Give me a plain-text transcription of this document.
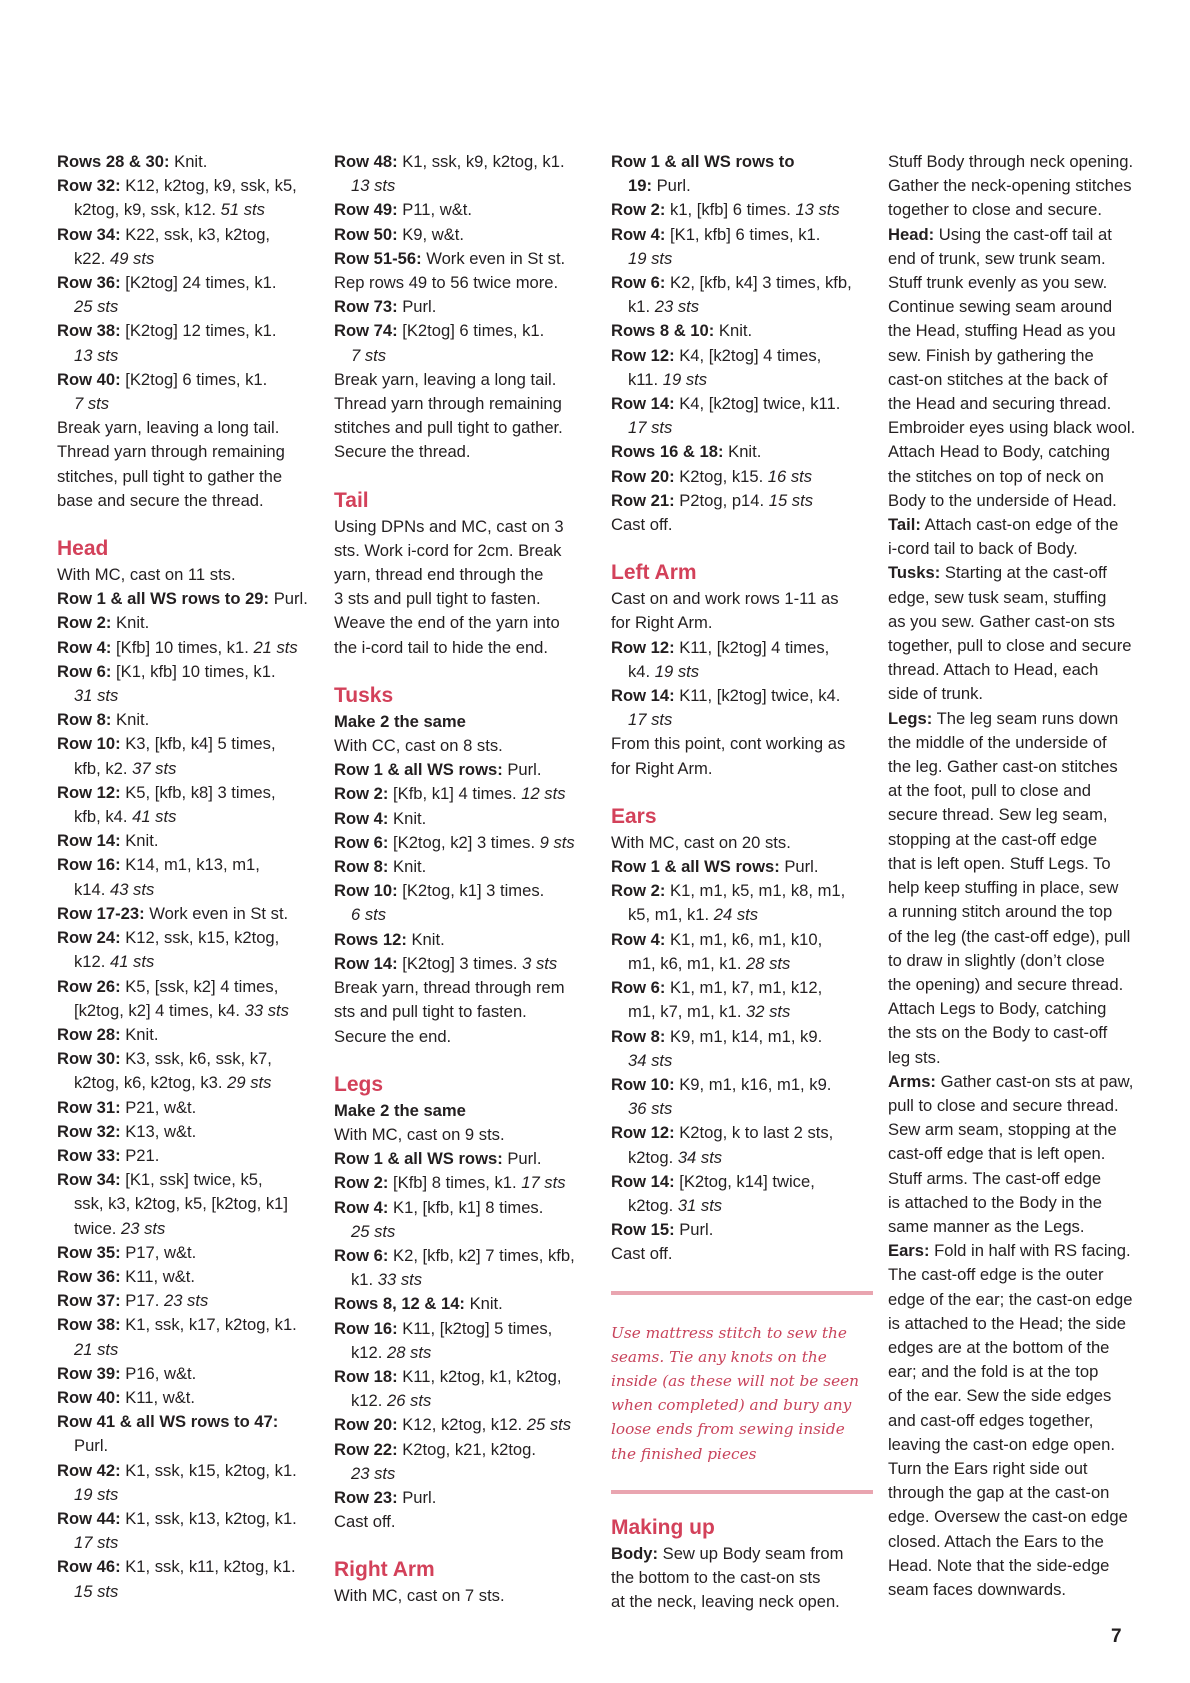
Rows 28 & 30: Knit.
Row 32: K12, k2tog, k9, ssk, k5,
k2tog, k9, ssk, k12. 51 sts
Row 34: K22, ssk, k3, k2tog,
k22. 49 sts
Row 36: [K2tog] 24 times, k1.
25 sts
Row 38: [K2tog] 12 times, k1.
13 sts
Row 40: [K2tog] 6 times, k1.
7 sts
Break yarn, leaving a long tail.
Thread yarn through remaining
stitches, pull tight to gather the
base and secure the thread.
Head
With MC, cast on 11 sts.
Row 1 & all WS rows to 29: Purl.
Row 2: Knit.
Row 4: [Kfb] 10 times, k1. 21 sts
Row 6: [K1, kfb] 10 times, k1.
31 sts
Row 8: Knit.
Row 10: K3, [kfb, k4] 5 times,
kfb, k2. 37 sts
Row 12: K5, [kfb, k8] 3 times,
kfb, k4. 41 sts
Row 14: Knit.
Row 16: K14, m1, k13, m1,
k14. 43 sts
Row 17-23: Work even in St st.
Row 24: K12, ssk, k15, k2tog,
k12. 41 sts
Row 26: K5, [ssk, k2] 4 times,
[k2tog, k2] 4 times, k4. 33 sts
Row 28: Knit.
Row 30: K3, ssk, k6, ssk, k7,
k2tog, k6, k2tog, k3. 29 sts
Row 31: P21, w&t.
Row 32: K13, w&t.
Row 33: P21.
Row 34: [K1, ssk] twice, k5,
ssk, k3, k2tog, k5, [k2tog, k1]
twice. 23 sts
Row 35: P17, w&t.
Row 36: K11, w&t.
Row 37: P17. 23 sts
Row 38: K1, ssk, k17, k2tog, k1.
21 sts
Row 39: P16, w&t.
Row 40: K11, w&t.
Row 41 & all WS rows to 47:
Purl.
Row 42: K1, ssk, k15, k2tog, k1.
19 sts
Row 44: K1, ssk, k13, k2tog, k1.
17 sts
Row 46: K1, ssk, k11, k2tog, k1.
15 sts
Row 48: K1, ssk, k9, k2tog, k1.
13 sts
Row 49: P11, w&t.
Row 50: K9, w&t.
Row 51-56: Work even in St st.
Rep rows 49 to 56 twice more.
Row 73: Purl.
Row 74: [K2tog] 6 times, k1.
7 sts
Break yarn, leaving a long tail.
Thread yarn through remaining
stitches and pull tight to gather.
Secure the thread.
Tail
Using DPNs and MC, cast on 3
sts. Work i-cord for 2cm. Break
yarn, thread end through the
3 sts and pull tight to fasten.
Weave the end of the yarn into
the i-cord tail to hide the end.
Tusks
Make 2 the same
With CC, cast on 8 sts.
Row 1 & all WS rows: Purl.
Row 2: [Kfb, k1] 4 times. 12 sts
Row 4: Knit.
Row 6: [K2tog, k2] 3 times. 9 sts
Row 8: Knit.
Row 10: [K2tog, k1] 3 times.
6 sts
Rows 12: Knit.
Row 14: [K2tog] 3 times. 3 sts
Break yarn, thread through rem
sts and pull tight to fasten.
Secure the end.
Legs
Make 2 the same
With MC, cast on 9 sts.
Row 1 & all WS rows: Purl.
Row 2: [Kfb] 8 times, k1. 17 sts
Row 4: K1, [kfb, k1] 8 times.
25 sts
Row 6: K2, [kfb, k2] 7 times, kfb,
k1. 33 sts
Rows 8, 12 & 14: Knit.
Row 16: K11, [k2tog] 5 times,
k12. 28 sts
Row 18: K11, k2tog, k1, k2tog,
k12. 26 sts
Row 20: K12, k2tog, k12. 25 sts
Row 22: K2tog, k21, k2tog.
23 sts
Row 23: Purl.
Cast off.
Right Arm
With MC, cast on 7 sts.
Row 1 & all WS rows to
19: Purl.
Row 2: k1, [kfb] 6 times. 13 sts
Row 4: [K1, kfb] 6 times, k1.
19 sts
Row 6: K2, [kfb, k4] 3 times, kfb,
k1. 23 sts
Rows 8 & 10: Knit.
Row 12: K4, [k2tog] 4 times,
k11. 19 sts
Row 14: K4, [k2tog] twice, k11.
17 sts
Rows 16 & 18: Knit.
Row 20: K2tog, k15. 16 sts
Row 21: P2tog, p14. 15 sts
Cast off.
Left Arm
Cast on and work rows 1-11 as
for Right Arm.
Row 12: K11, [k2tog] 4 times,
k4. 19 sts
Row 14: K11, [k2tog] twice, k4.
17 sts
From this point, cont working as
for Right Arm.
Ears
With MC, cast on 20 sts.
Row 1 & all WS rows: Purl.
Row 2: K1, m1, k5, m1, k8, m1,
k5, m1, k1. 24 sts
Row 4: K1, m1, k6, m1, k10,
m1, k6, m1, k1. 28 sts
Row 6: K1, m1, k7, m1, k12,
m1, k7, m1, k1. 32 sts
Row 8: K9, m1, k14, m1, k9.
34 sts
Row 10: K9, m1, k16, m1, k9.
36 sts
Row 12: K2tog, k to last 2 sts,
k2tog. 34 sts
Row 14: [K2tog, k14] twice,
k2tog. 31 sts
Row 15: Purl.
Cast off.
Use mattress stitch to sew the
seams. Tie any knots on the
inside (as these will not be seen
when completed) and bury any
loose ends from sewing inside
the finished pieces
Making up
Body: Sew up Body seam from
the bottom to the cast-on sts
at the neck, leaving neck open.
Stuff Body through neck opening.
Gather the neck-opening stitches
together to close and secure.
Head: Using the cast-off tail at
end of trunk, sew trunk seam.
Stuff trunk evenly as you sew.
Continue sewing seam around
the Head, stuffing Head as you
sew. Finish by gathering the
cast-on stitches at the back of
the Head and securing thread.
Embroider eyes using black wool.
Attach Head to Body, catching
the stitches on top of neck on
Body to the underside of Head.
Tail: Attach cast-on edge of the
i-cord tail to back of Body.
Tusks: Starting at the cast-off
edge, sew tusk seam, stuffing
as you sew. Gather cast-on sts
together, pull to close and secure
thread. Attach to Head, each
side of trunk.
Legs: The leg seam runs down
the middle of the underside of
the leg. Gather cast-on stitches
at the foot, pull to close and
secure thread. Sew leg seam,
stopping at the cast-off edge
that is left open. Stuff Legs. To
help keep stuffing in place, sew
a running stitch around the top
of the leg (the cast-off edge), pull
to draw in slightly (don’t close
the opening) and secure thread.
Attach Legs to Body, catching
the sts on the Body to cast-off
leg sts.
Arms: Gather cast-on sts at paw,
pull to close and secure thread.
Sew arm seam, stopping at the
cast-off edge that is left open.
Stuff arms. The cast-off edge
is attached to the Body in the
same manner as the Legs.
Ears: Fold in half with RS facing.
The cast-off edge is the outer
edge of the ear; the cast-on edge
is attached to the Head; the side
edges are at the bottom of the
ear; and the fold is at the top
of the ear. Sew the side edges
and cast-off edges together,
leaving the cast-on edge open.
Turn the Ears right side out
through the gap at the cast-on
edge. Oversew the cast-on edge
closed. Attach the Ears to the
Head. Note that the side-edge
seam faces downwards.
7
